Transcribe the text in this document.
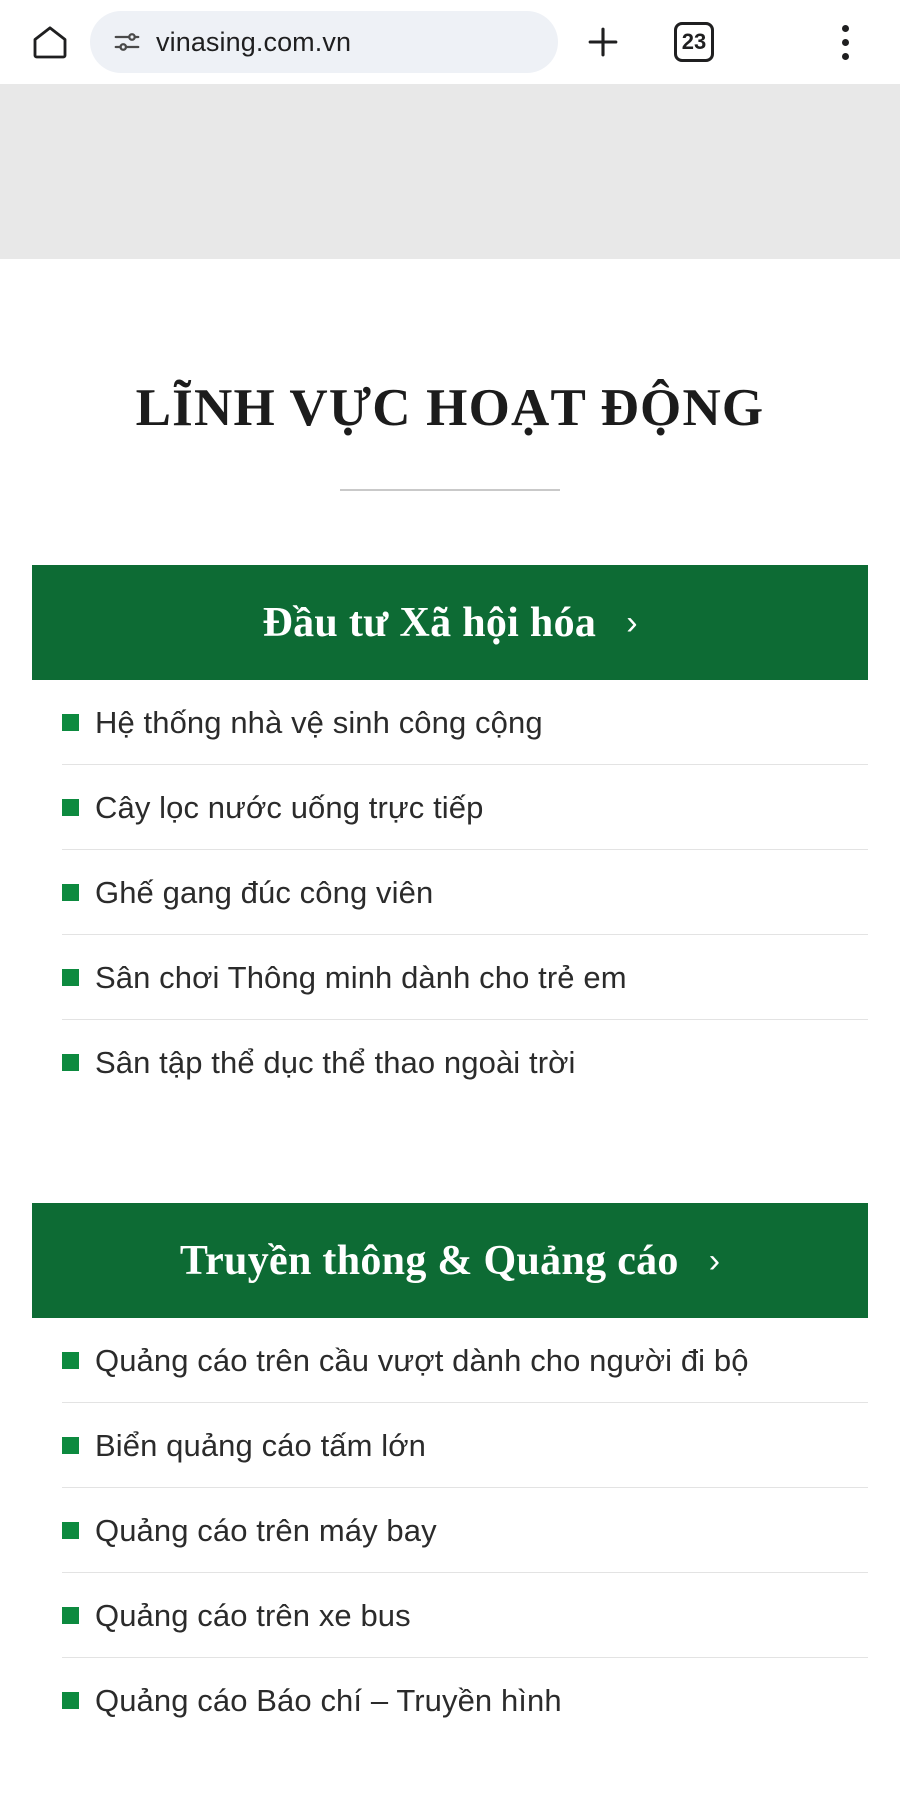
vinasing.com.vn	23
LĨNH VỰC HOẠT ĐỘNG
Đầu tư Xã hội hóa ›
Hệ thống nhà vệ sinh công cộng
Cây lọc nước uống trực tiếp
Ghế gang đúc công viên
Sân chơi Thông minh dành cho trẻ em
Sân tập thể dục thể thao ngoài trời
Truyền thông & Quảng cáo ›
Quảng cáo trên cầu vượt dành cho người đi bộ
Biển quảng cáo tấm lớn
Quảng cáo trên máy bay
Quảng cáo trên xe bus
Quảng cáo Báo chí – Truyền hình
